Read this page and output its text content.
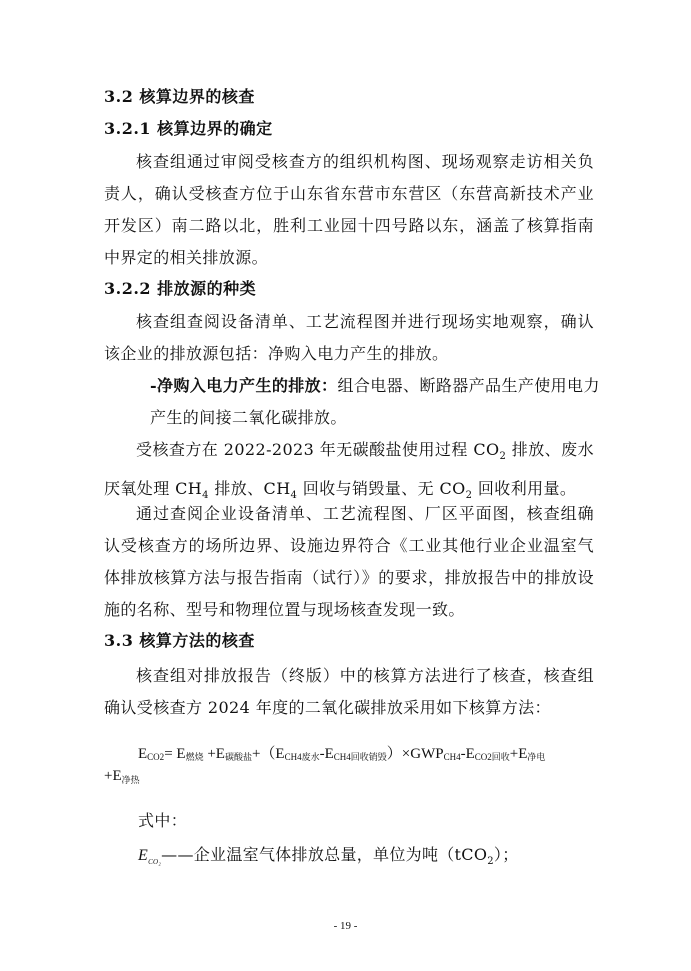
3.2 核算边界的核查
3.2.1 核算边界的确定
核查组通过审阅受核查方的组织机构图、现场观察走访相关负责人，确认受核查方位于山东省东营市东营区（东营高新技术产业开发区）南二路以北，胜利工业园十四号路以东，涵盖了核算指南中界定的相关排放源。
3.2.2 排放源的种类
核查组查阅设备清单、工艺流程图并进行现场实地观察，确认该企业的排放源包括：净购入电力产生的排放。
-净购入电力产生的排放：组合电器、断路器产品生产使用电力产生的间接二氧化碳排放。
受核查方在 2022-2023 年无碳酸盐使用过程 $CO_2$ 排放、废水厌氧处理 $CH_4$ 排放、$CH_4$ 回收与销毁量、无 $CO_2$ 回收利用量。
通过查阅企业设备清单、工艺流程图、厂区平面图，核查组确认受核查方的场所边界、设施边界符合《工业其他行业企业温室气体排放核算方法与报告指南（试行）》的要求，排放报告中的排放设施的名称、型号和物理位置与现场核查发现一致。
3.3 核算方法的核查
核查组对排放报告（终版）中的核算方法进行了核查，核查组确认受核查方 2024 年度的二氧化碳排放采用如下核算方法：
$E_{CO2}= E_{燃烧} +E_{碳酸盐}+(E_{CH4废水}-E_{CH4回收销毁})\times GWP_{CH4}-E_{CO2回收}+E_{净电}$
$+E_{净热}$
式中：
$E_{CO_2}——$企业温室气体排放总量，单位为吨（tCO$_2$）；
- 19 -
